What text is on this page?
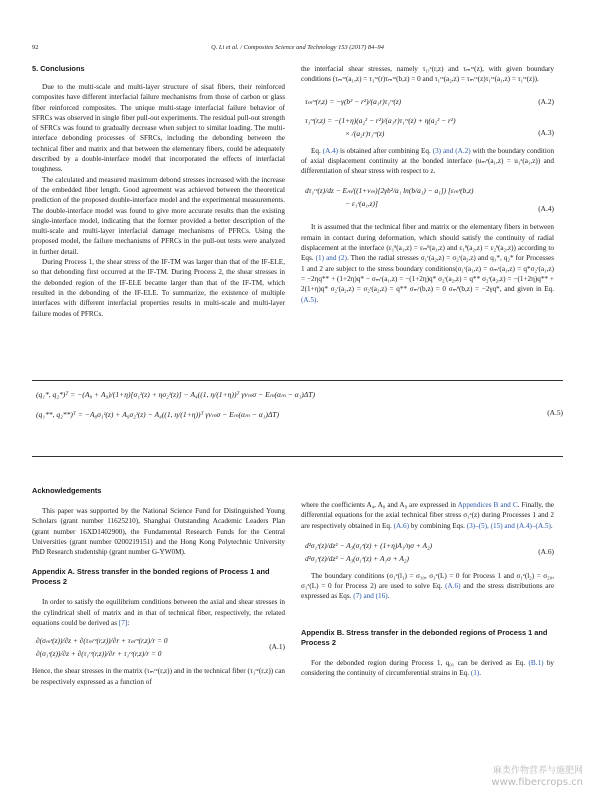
92	Q. Li et al. / Composites Science and Technology 153 (2017) 84–94
5. Conclusions

Due to the multi-scale and multi-layer structure of sisal fibers, their reinforced composites have different interfacial failure mechanisms from those of carbon or glass fiber reinforced composites. The unique multi-stage interfacial failure behavior of SFRCs was observed in single fiber pull-out experiments. The residual pull-out strength of SFRCs was found to gradually decrease when subject to similar loading. The multi-interface debonding processes of SFRCs, including the debonding between the technical fiber and matrix and that between the elementary fibers, could be adequately described by a double-interface model that incorporated the effects of interfacial toughness.

The calculated and measured maximum debond stresses increased with the increase of the embedded fiber length. Good agreement was achieved between the theoretical prediction of the proposed double-interface model and the experimental measurements. The double-interface model was found to give more accurate results than the existing single-interface model, indicating that the former provided a better description of the multi-scale and multi-layer interfacial damage mechanisms of PFRCs. Using the proposed model, the failure mechanisms of PFRCs in the pull-out tests were analyzed in further detail.

During Process 1, the shear stress of the IF-TM was larger than that of the IF-ELE, so that debonding first occurred at the IF-TM. During Process 2, the shear stresses in the debonded region of the IF-ELE became larger than that of the IF-TM, which resulted in the debonding of the IF-ELE. To summarize, the existence of multiple interfaces with different interfacial properties results in multi-scale and multi-layer failure modes of PFRCs.

the interfacial shear stresses, namely τ₁ᵣᶻ(r,z) and τₘʳᶻ(z), with given boundary conditions (τₘʳᶻ(a₁,z) = τ₁ʳᶻ(r)τₘʳᶻ(b,z) = 0 and τ₁ʳᶻ(a₂,z) = τₘʳᶻ(z)τ₁ʳᶻ(a₁,z) = τ₁ʳᶻ(z)).

τₘʳᶻ(r,z) = −γ(b² − r²)/(a₁r)τ₁ʳᶻ(z)	(A.2)
τ₁ʳᶻ(r,z) = −(1+η)(a₂² − r²)/(a₁r)τ₁ʳᶻ(z) + η(a₂² − r²)
× /(a₂r)τ₁ʳᶻ(z)	(A.3)

Eq. (A.4) is obtained after combining Eq. (3) and (A.2) with the boundary condition of axial displacement continuity at the bonded interface (uₘᶻ(a₁,z) = u₁ᶻ(a₁,z)) and differentiation of shear stress with respect to z.

dτ₁ʳᶻ(z)/dz − Eₘ/((1+νₘ)[2γb²/a₁ ln(b/a₁) − a₁]) [εₘᶻ(b,z)
− ε₁ᶻ(a₁,z)]
(A.4)

It is assumed that the technical fiber and matrix or the elementary fibers in between remain in contact during deformation, which should satisfy the continuity of radial displacement at the interface (ε₁ᶿ(a₁,z) = εₘᶿ(a₁,z) and ε₁ᶿ(a₂,z) = ε₂ᶿ(a₂,z)) according to Eqs. (1) and (2). Then the radial stresses σ₁ʳ(a₂,z) = σ₂ʳ(a₂,z) and q₁*, q₂* for Processes 1 and 2 are subject to the stress boundary conditions(σ₁ʳ(a₁,z) = σₘʳ(a₁,z) = q*σ₂ʳ(a₁,z) = −2ηq** + (1+2η)q* − σₘʳ(a₁,z) = −(1+2η)q* σ₂ʳ(a₂,z) = q** σ₂ʳ(a₂,z) = −(1+2η)q** + 2(1+η)q* σ₂ʳ(a₂,z) = σ₂ʳ(a₂,z) = q** σₘʳ(b,z) = 0 σₘᶿ(b,z) = −2γq*, and given in Eq. (A.5).

(q₁*, q₂*)ᵀ = −(A₈ + A₉)/(1+η)[σ₁ᶻ(z) + ησ₂ᶻ(z)] − A₄((1, η/(1+η))ᵀ γνₘσ − Eₘ(αₘ − α₁)ΔT)
(q₁**, q₂**)ᵀ = −A₈σ₁ᶻ(z) + A₉σ₂ᶻ(z) − A₄((1, η/(1+η))ᵀ γνₘσ − Eₘ(αₘ − α₁)ΔT)	(A.5)
Acknowledgements

This paper was supported by the National Science Fund for Distinguished Young Scholars (grant number 11625210), Shanghai Outstanding Academic Leaders Plan (grant number 16XD1402900), the Fundamental Research Funds for the Central Universities (grant number 0200219151) and the Hong Kong Polytechnic University PhD Research studentship (grant number G-YW0M).

Appendix A. Stress transfer in the bonded regions of Process 1 and Process 2

In order to satisfy the equilibrium conditions between the axial and shear stresses in the cylindrical shell of matrix and in that of technical fiber, respectively, the related equations could be derived as [7]:

∂(σₘᶻ(z))/∂z + ∂(τₘʳᶻ(r,z))/∂r + τₘʳᶻ(r,z)/r = 0
∂(σ₁ᶻ(z))/∂z + ∂(τ₁ʳᶻ(r,z))/∂r + τ₁ʳᶻ(r,z)/r = 0
(A.1)

Hence, the shear stresses in the matrix (τₘʳᶻ(r,z)) and in the technical fiber (τ₁ʳᶻ(r,z)) can be respectively expressed as a function of

where the coefficients A₄, A₈ and A₉ are expressed in Appendices B and C. Finally, the differential equations for the axial technical fiber stress σ₁ᶻ(z) during Processes 1 and 2 are respectively obtained in Eq. (A.6) by combining Eqs. (3)–(5), (15) and (A.4)–(A.5).

d²σ₁ᶻ(z)/dz² − A₃(σ₁ᶻ(z) + (1+η)A₁/ησ + A₂)
d²σ₁ᶻ(z)/dz² − A₃(σ₁ᶻ(z) + A₁σ + A₂)
(A.6)

The boundary conditions (σ₁ᶻ(l₁) = σ₁₀, σ₁ᶻ(L) = 0 for Process 1 and σ₁ᶻ(l₂) = σ₂₀, σ₁ᶻ(L) = 0 for Process 2) are used to solve Eq. (A.6) and the stress distributions are expressed as Eqs. (7) and (16).

Appendix B. Stress transfer in the debonded regions of Process 1 and Process 2

For the debonded region during Process 1, q₀₁ can be derived as Eq. (B.1) by considering the continuity of circumferential strains in Eq. (1).

麻类作物营养与施肥网
www.fibercrops.cn
